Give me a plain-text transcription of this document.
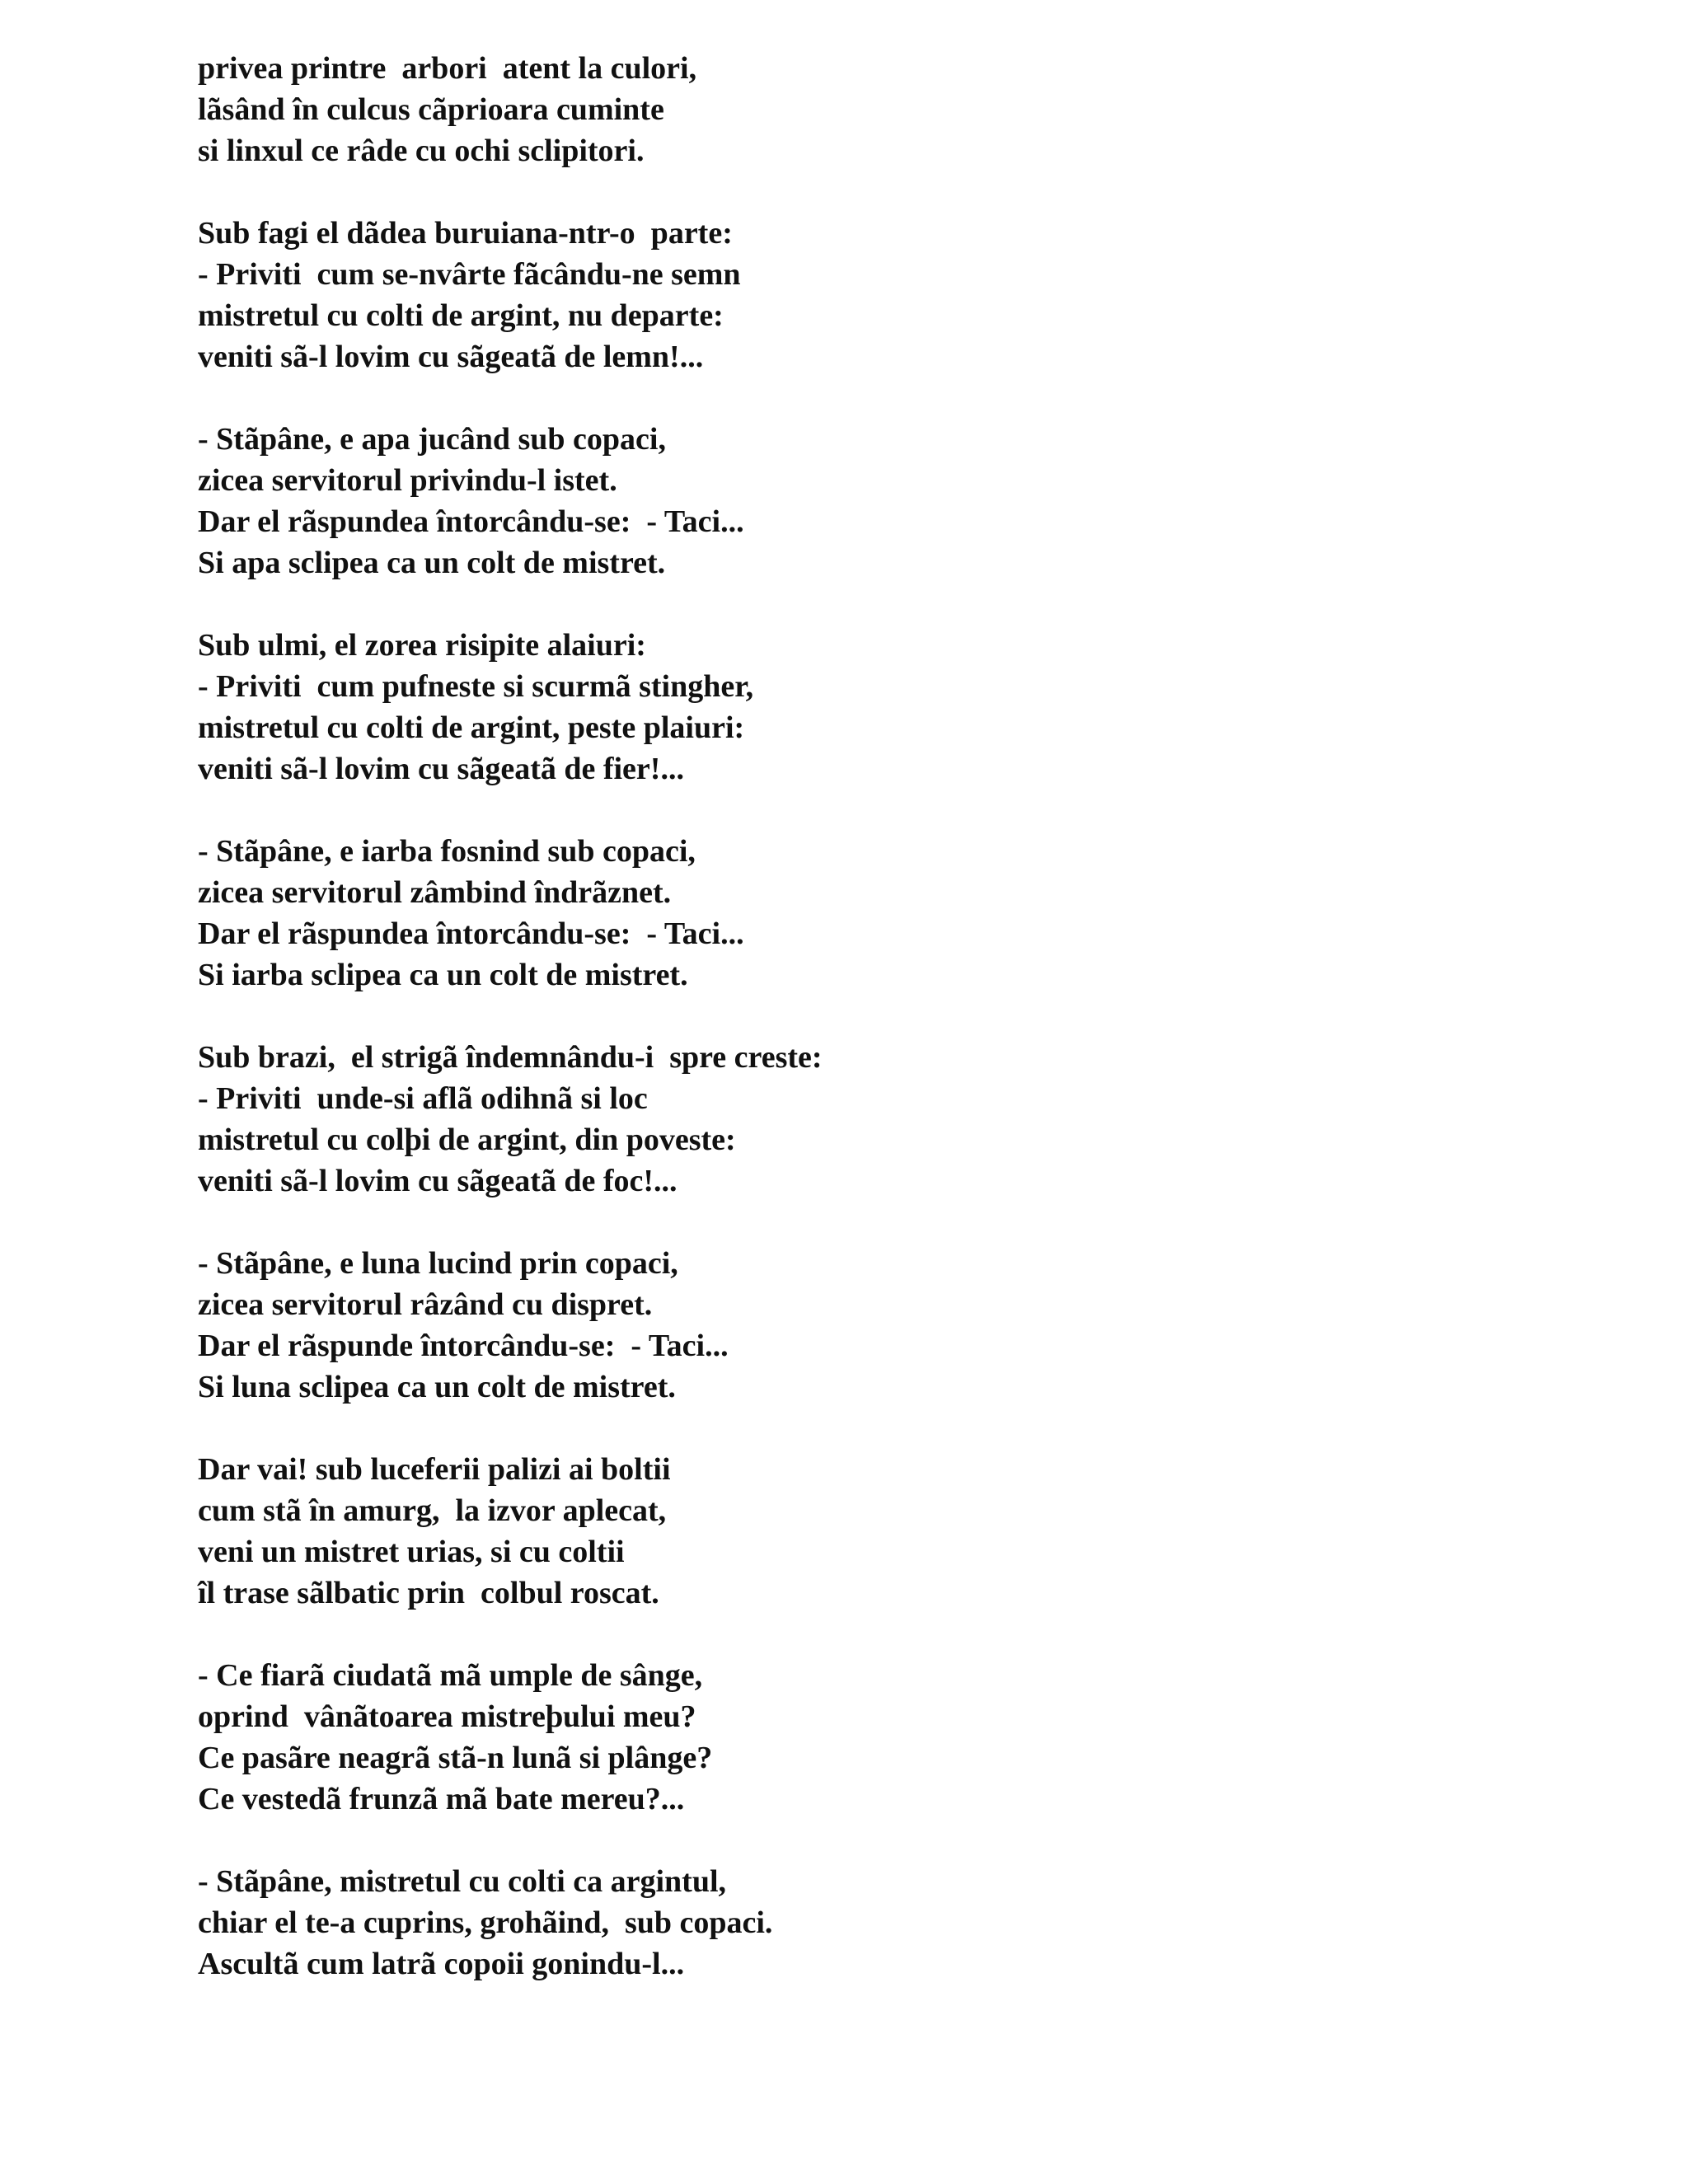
privea printre  arbori  atent la culori,
lãsând în culcus cãprioara cuminte
si linxul ce râde cu ochi sclipitori.
Sub fagi el dãdea buruiana-ntr-o  parte:
- Priviti  cum se-nvârte fãcându-ne semn
mistretul cu colti de argint, nu departe:
veniti sã-l lovim cu sãgeatã de lemn!...
- Stãpâne, e apa jucând sub copaci,
zicea servitorul privindu-l istet.
Dar el rãspundea întorcându-se:  - Taci...
Si apa sclipea ca un colt de mistret.
Sub ulmi, el zorea risipite alaiuri:
- Priviti  cum pufneste si scurmã stingher,
mistretul cu colti de argint, peste plaiuri:
veniti sã-l lovim cu sãgeatã de fier!...
- Stãpâne, e iarba fosnind sub copaci,
zicea servitorul zâmbind îndrãznet.
Dar el rãspundea întorcându-se:  - Taci...
Si iarba sclipea ca un colt de mistret.
Sub brazi,  el strigã îndemnându-i  spre creste:
- Priviti  unde-si aflã odihnã si loc
mistretul cu colþi de argint, din poveste:
veniti sã-l lovim cu sãgeatã de foc!...
- Stãpâne, e luna lucind prin copaci,
zicea servitorul râzând cu dispret.
Dar el rãspunde întorcându-se:  - Taci...
Si luna sclipea ca un colt de mistret.
Dar vai! sub luceferii palizi ai boltii
cum stã în amurg,  la izvor aplecat,
veni un mistret urias, si cu coltii
îl trase sãlbatic prin  colbul roscat.
- Ce fiarã ciudatã mã umple de sânge,
oprind  vânãtoarea mistreþului meu?
Ce pasãre neagrã stã-n lunã si plânge?
Ce vestedã frunzã mã bate mereu?...
- Stãpâne, mistretul cu colti ca argintul,
chiar el te-a cuprins, grohãind,  sub copaci.
Ascultã cum latrã copoii gonindu-l...
